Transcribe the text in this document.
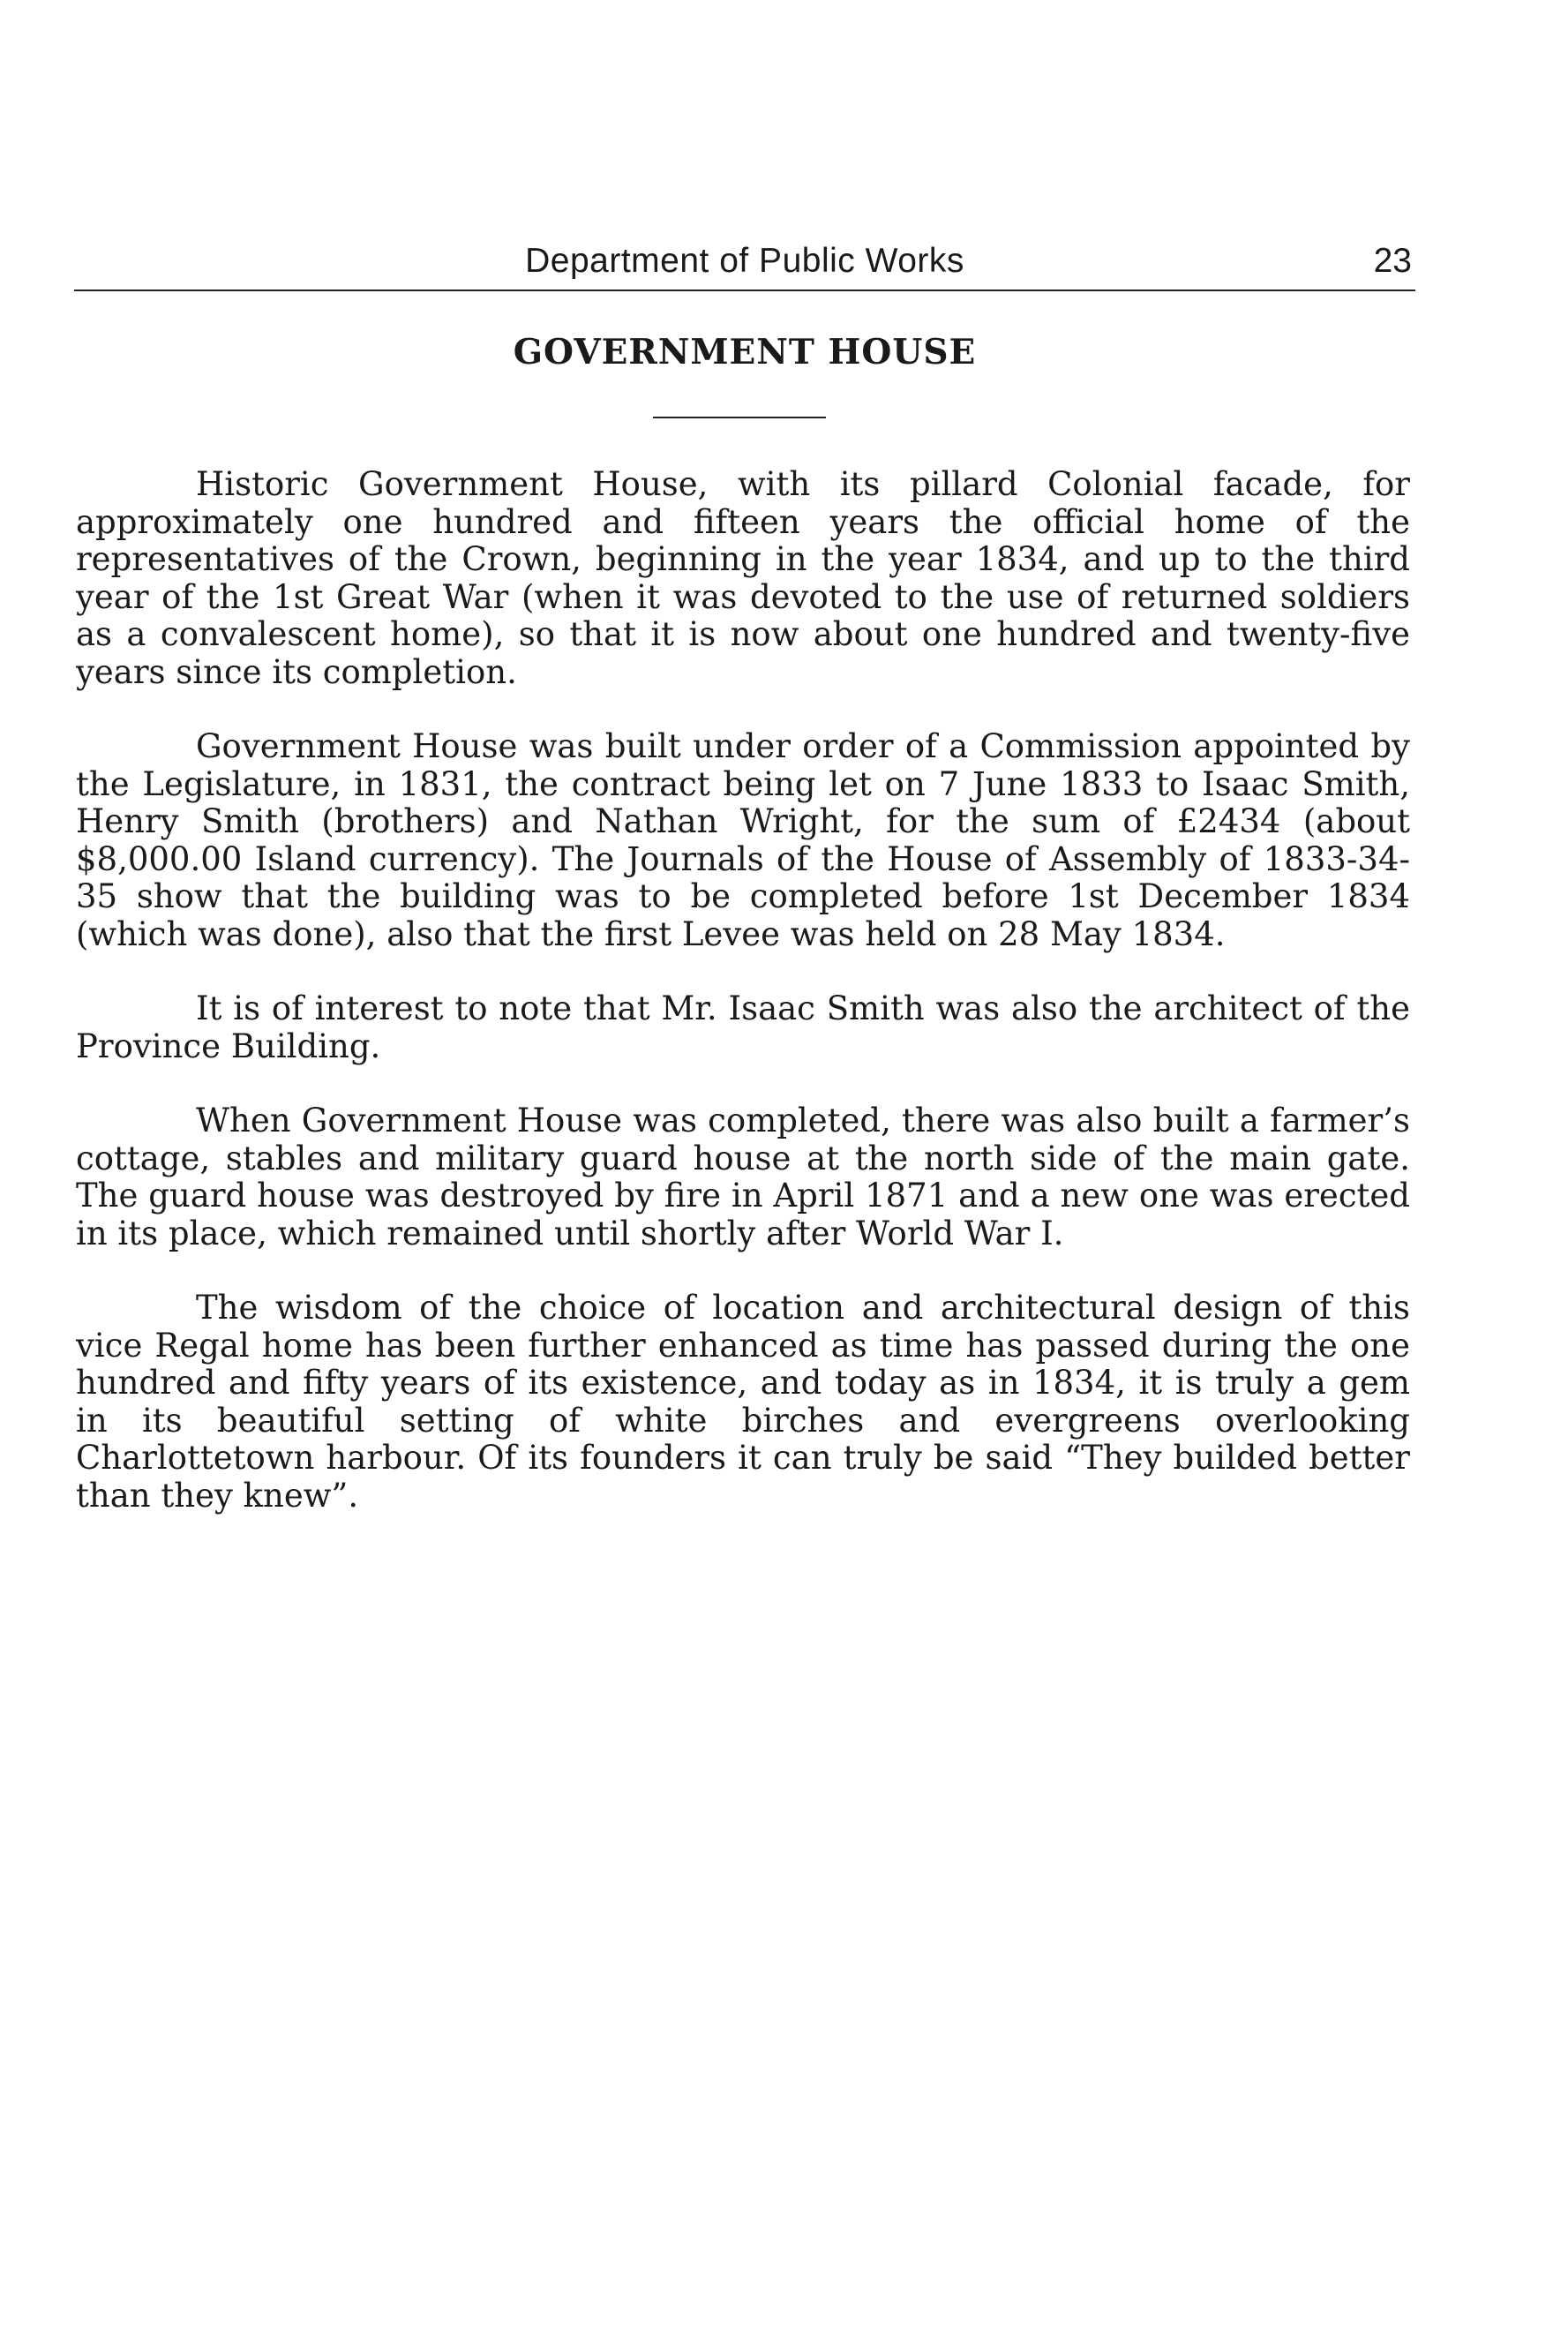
Department of Public Works	23
GOVERNMENT HOUSE

Historic Government House, with its pillard Colonial facade, for approximately one hundred and fifteen years the official home of the representatives of the Crown, beginning in the year 1834, and up to the third year of the 1st Great War (when it was devoted to the use of returned soldiers as a convalescent home), so that it is now about one hundred and twenty-five years since its completion.

Government House was built under order of a Commission appointed by the Legislature, in 1831, the contract being let on 7 June 1833 to Isaac Smith, Henry Smith (brothers) and Nathan Wright, for the sum of £2434 (about $8,000.00 Island currency). The Journals of the House of Assembly of 1833-34-35 show that the building was to be completed before 1st December 1834 (which was done), also that the first Levee was held on 28 May 1834.

It is of interest to note that Mr. Isaac Smith was also the architect of the Province Building.

When Government House was completed, there was also built a farmer’s cottage, stables and military guard house at the north side of the main gate. The guard house was destroyed by fire in April 1871 and a new one was erected in its place, which remained until shortly after World War I.

The wisdom of the choice of location and architectural design of this vice Regal home has been further enhanced as time has passed during the one hundred and fifty years of its existence, and today as in 1834, it is truly a gem in its beautiful setting of white birches and evergreens overlooking Charlottetown harbour. Of its founders it can truly be said “They builded better than they knew”.
